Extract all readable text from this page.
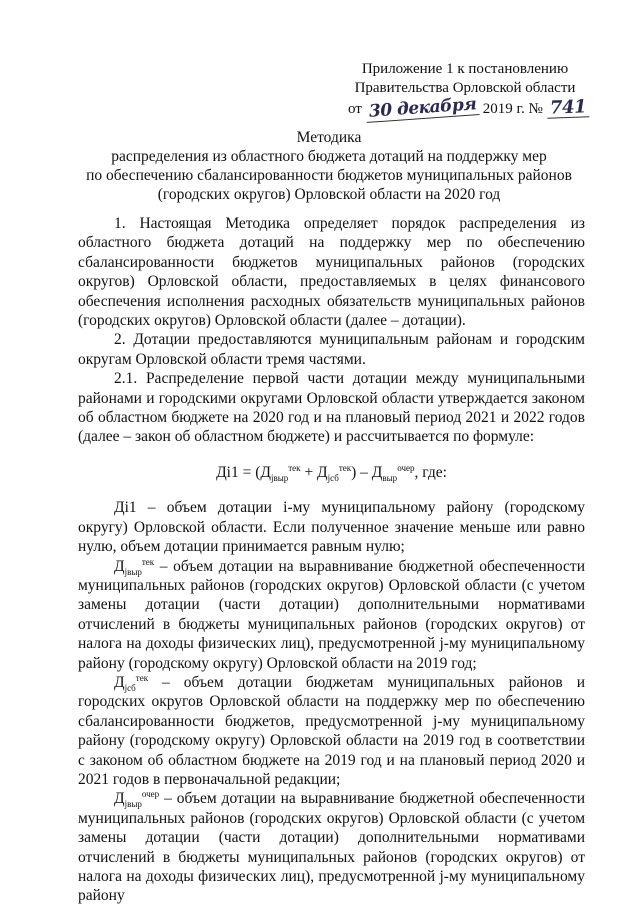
Приложение 1 к постановлению
Правительства Орловской области
от 30 декабря 2019 г. № 741
Методика
распределения из областного бюджета дотаций на поддержку мер
по обеспечению сбалансированности бюджетов муниципальных районов
(городских округов) Орловской области на 2020 год

1. Настоящая Методика определяет порядок распределения из областного бюджета дотаций на поддержку мер по обеспечению сбалансированности бюджетов муниципальных районов (городских округов) Орловской области, предоставляемых в целях финансового обеспечения исполнения расходных обязательств муниципальных районов (городских округов) Орловской области (далее – дотации).

2. Дотации предоставляются муниципальным районам и городским округам Орловской области тремя частями.

2.1. Распределение первой части дотации между муниципальными районами и городскими округами Орловской области утверждается законом об областном бюджете на 2020 год и на плановый период 2021 и 2022 годов (далее – закон об областном бюджете) и рассчитывается по формуле:

$Дi1 = (Д_{jвыр}^{тек} + Д_{jсб}^{тек}) - Д_{выр}^{очер}$, где:

Дi1 – объем дотации i-му муниципальному району (городскому округу) Орловской области. Если полученное значение меньше или равно нулю, объем дотации принимается равным нулю;

$Д_{jвыр}^{тек}$ – объем дотации на выравнивание бюджетной обеспеченности муниципальных районов (городских округов) Орловской области (с учетом замены дотации (части дотации) дополнительными нормативами отчислений в бюджеты муниципальных районов (городских округов) от налога на доходы физических лиц), предусмотренной j-му муниципальному району (городскому округу) Орловской области на 2019 год;

$Д_{jсб}^{тек}$ – объем дотации бюджетам муниципальных районов и городских округов Орловской области на поддержку мер по обеспечению сбалансированности бюджетов, предусмотренной j-му муниципальному району (городскому округу) Орловской области на 2019 год в соответствии с законом об областном бюджете на 2019 год и на плановый период 2020 и 2021 годов в первоначальной редакции;

$Д_{jвыр}^{очер}$ – объем дотации на выравнивание бюджетной обеспеченности муниципальных районов (городских округов) Орловской области (с учетом замены дотации (части дотации) дополнительными нормативами отчислений в бюджеты муниципальных районов (городских округов) от налога на доходы физических лиц), предусмотренной j-му муниципальному району
